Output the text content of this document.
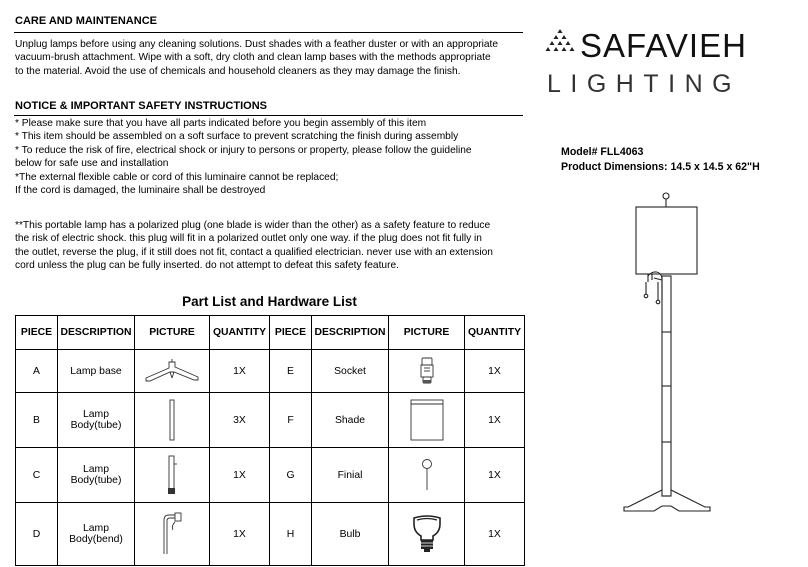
CARE AND MAINTENANCE
Unplug lamps before using any cleaning solutions. Dust shades with a feather duster or with an appropriate
vacuum-brush attachment. Wipe with a soft, dry cloth and clean lamp bases with the methods appropriate
to the material. Avoid the use of chemicals and household cleaners as they may damage the finish.
NOTICE & IMPORTANT SAFETY INSTRUCTIONS
* Please make sure that you have all parts indicated before you begin assembly of this item
* This item should be assembled on a soft surface to prevent scratching the finish during assembly
* To reduce the risk of fire, electrical shock or injury to persons or property, please follow the guideline
below for safe use and installation
*The external flexible cable or cord of this luminaire cannot be replaced;
If the cord is damaged, the luminaire shall be destroyed
**This portable lamp has a polarized plug (one blade is wider than the other) as a safety feature to reduce
the risk of electric shock. this plug will fit in a polarized outlet only one way. if the plug does not fit fully in
the outlet, reverse the plug, if it still does not fit, contact a qualified electrician. never use with an extension
cord unless the plug can be fully inserted. do not attempt to defeat this safety feature.
SAFAVIEH
LIGHTING
Model# FLL4063
Product Dimensions: 14.5 x 14.5 x 62"H
Part List and Hardware List
PIECE	DESCRIPTION	PICTURE	QUANTITY	PIECE	DESCRIPTION	PICTURE	QUANTITY
A	Lamp base		1X	E	Socket		1X
B	Lamp Body(tube)		3X	F	Shade		1X
C	Lamp Body(tube)		1X	G	Finial		1X
D	Lamp Body(bend)		1X	H	Bulb		1X
